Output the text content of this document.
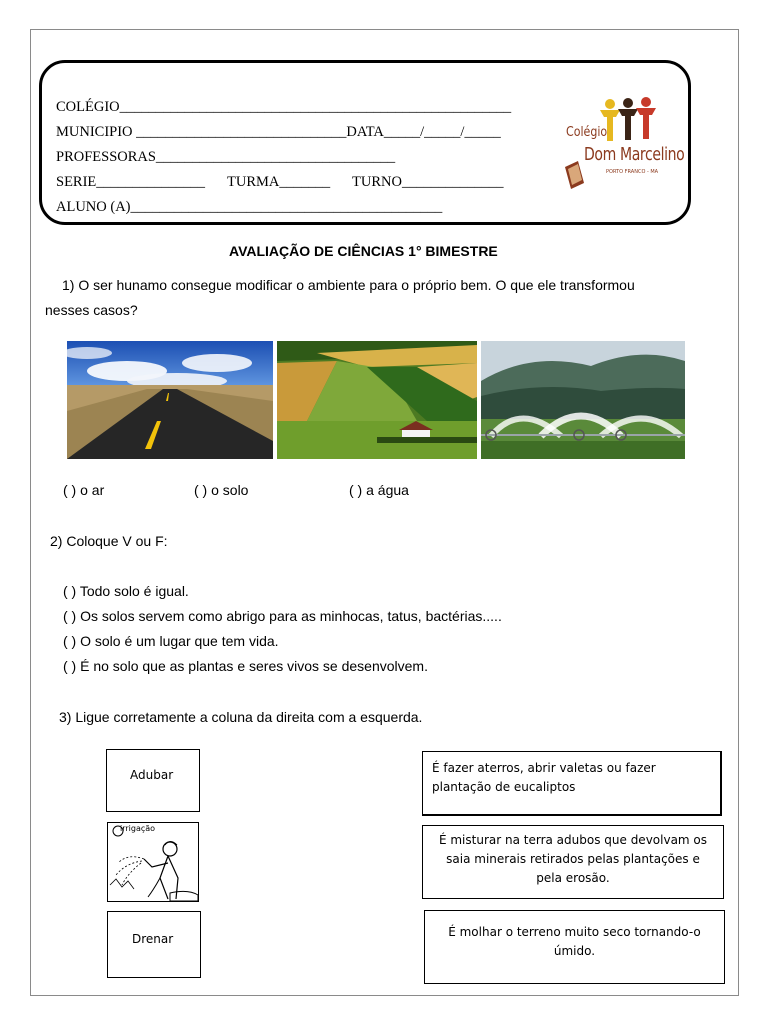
COLÉGIO______________________________________________________
MUNICIPIO _____________________________DATA_____/_____/_____
PROFESSORAS_________________________________
SERIE_______________ TURMA_______ TURNO______________
ALUNO (A)___________________________________________
Colégio
Dom Marcelino
PORTO FRANCO - MA
AVALIAÇÃO DE CIÊNCIAS 1° BIMESTRE
1) O ser hunamo consegue modificar o ambiente para o próprio bem. O que ele transformou
nesses casos?
( ) o ar	( ) o solo	( ) a água
2) Coloque V ou F:
( ) Todo solo é igual.
( ) Os solos servem como abrigo para as minhocas, tatus, bactérias.....
( ) O solo é um lugar que tem vida.
( ) É no solo que as plantas e seres vivos se desenvolvem.
3) Ligue corretamente a coluna da direita com a esquerda.
Adubar
irrigação
Drenar
É fazer aterros, abrir valetas ou fazer
plantação de eucaliptos
É misturar na terra adubos que devolvam os
saia minerais retirados pelas plantações e
pela erosão.
É molhar o terreno muito seco tornando-o
úmido.
